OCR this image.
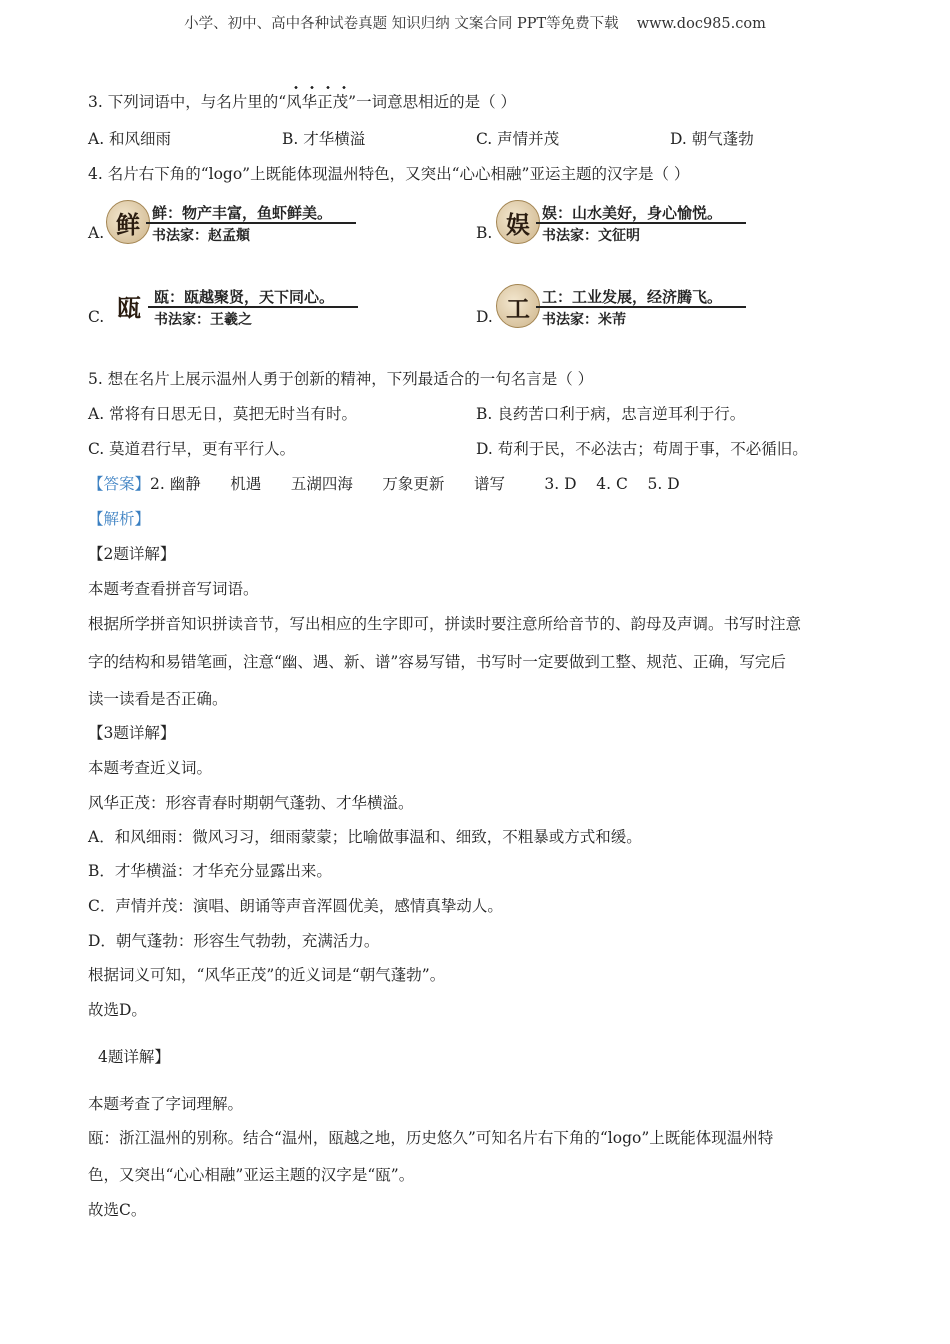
小学、初中、高中各种试卷真题 知识归纳 文案合同 PPT等免费下载 www.doc985.com
3. 下列词语中，与名片里的“风华正茂”一词意思相近的是（ ）
A. 和风细雨	B. 才华横溢	C. 声情并茂	D. 朝气蓬勃
4. 名片右下角的“logo”上既能体现温州特色，又突出“心心相融”亚运主题的汉字是（ ）
A. 鲜 鲜：物产丰富，鱼虾鲜美。
书法家：赵孟頫	B. 娱 娱：山水美好，身心愉悦。
书法家：文征明
C. 瓯 瓯：瓯越聚贤，天下同心。
书法家：王羲之	D. 工 工：工业发展，经济腾飞。
书法家：米芾
5. 想在名片上展示温州人勇于创新的精神，下列最适合的一句名言是（ ）
A. 常将有日思无日，莫把无时当有时。	B. 良药苦口利于病，忠言逆耳利于行。
C. 莫道君行早，更有平行人。	D. 苟利于民，不必法古；苟周于事，不必循旧。
【答案】2. 幽静      机遇      五湖四海      万象更新      谱写        3. D    4. C    5. D
【解析】
【2题详解】
本题考查看拼音写词语。
根据所学拼音知识拼读音节，写出相应的生字即可，拼读时要注意所给音节的、韵母及声调。书写时注意
字的结构和易错笔画，注意“幽、遇、新、谱”容易写错，书写时一定要做到工整、规范、正确，写完后
读一读看是否正确。
【3题详解】
本题考查近义词。
风华正茂：形容青春时期朝气蓬勃、才华横溢。
A．和风细雨：微风习习，细雨蒙蒙；比喻做事温和、细致，不粗暴或方式和缓。
B．才华横溢：才华充分显露出来。
C．声情并茂：演唱、朗诵等声音浑圆优美，感情真挚动人。
D．朝气蓬勃：形容生气勃勃，充满活力。
根据词义可知，“风华正茂”的近义词是“朝气蓬勃”。
故选D。
4题详解】
本题考查了字词理解。
瓯：浙江温州的别称。结合“温州，瓯越之地，历史悠久”可知名片右下角的“logo”上既能体现温州特
色，又突出“心心相融”亚运主题的汉字是“瓯”。
故选C。
